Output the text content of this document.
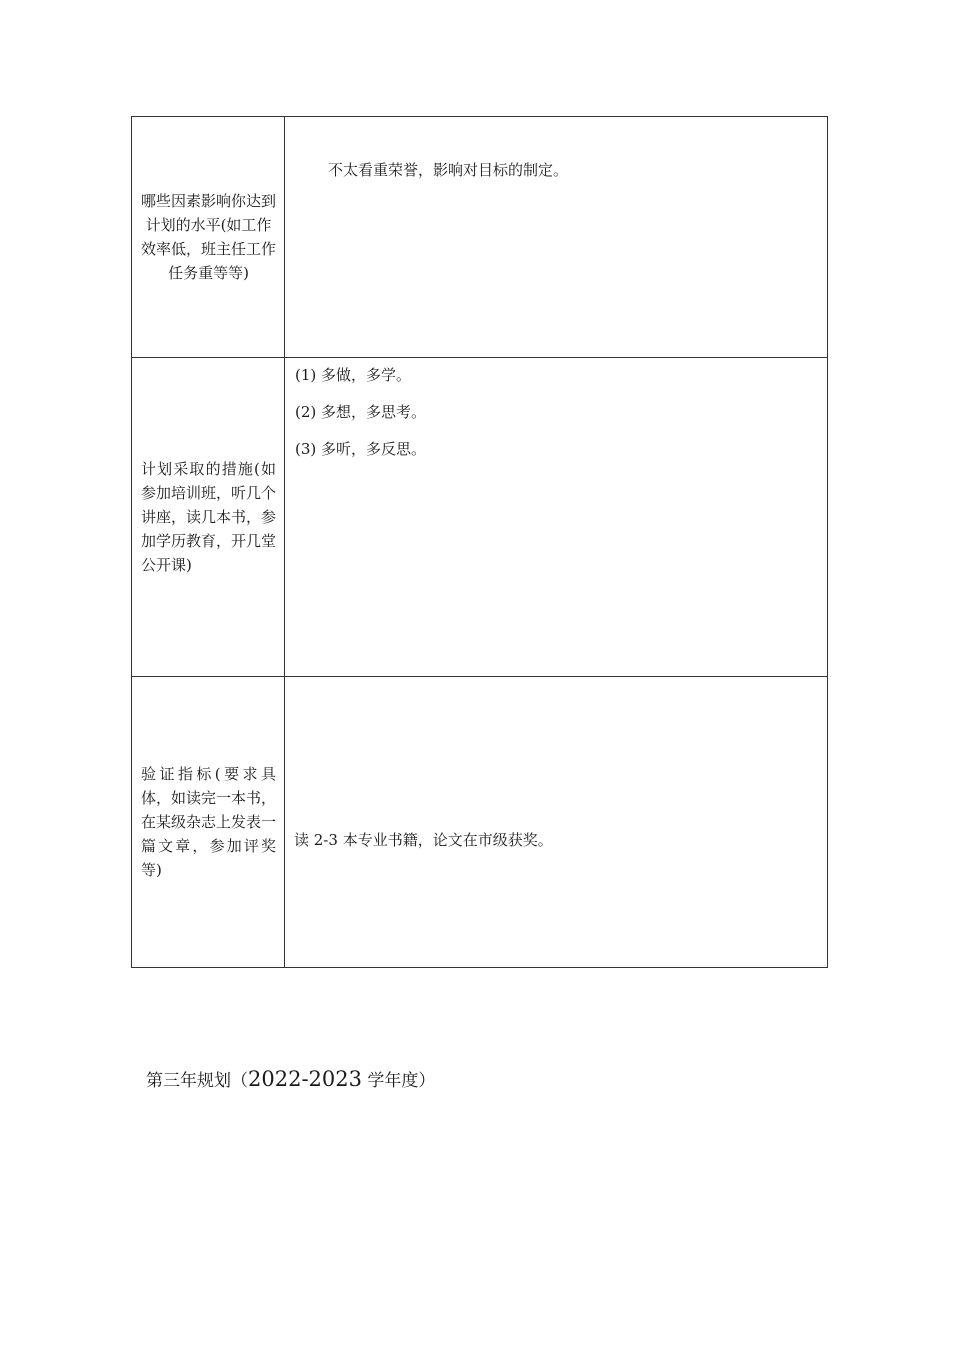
哪些因素影响你达到计划的水平(如工作效率低，班主任工作任务重等等)
不太看重荣誉，影响对目标的制定。
计划采取的措施(如参加培训班，听几个讲座，读几本书，参加学历教育，开几堂公开课)
(1) 多做，多学。
(2) 多想，多思考。
(3) 多听，多反思。
验证指标(要求具体，如读完一本书，在某级杂志上发表一篇文章，参加评奖等)
读 2-3 本专业书籍，论文在市级获奖。
第三年规划（2022-2023 学年度）
